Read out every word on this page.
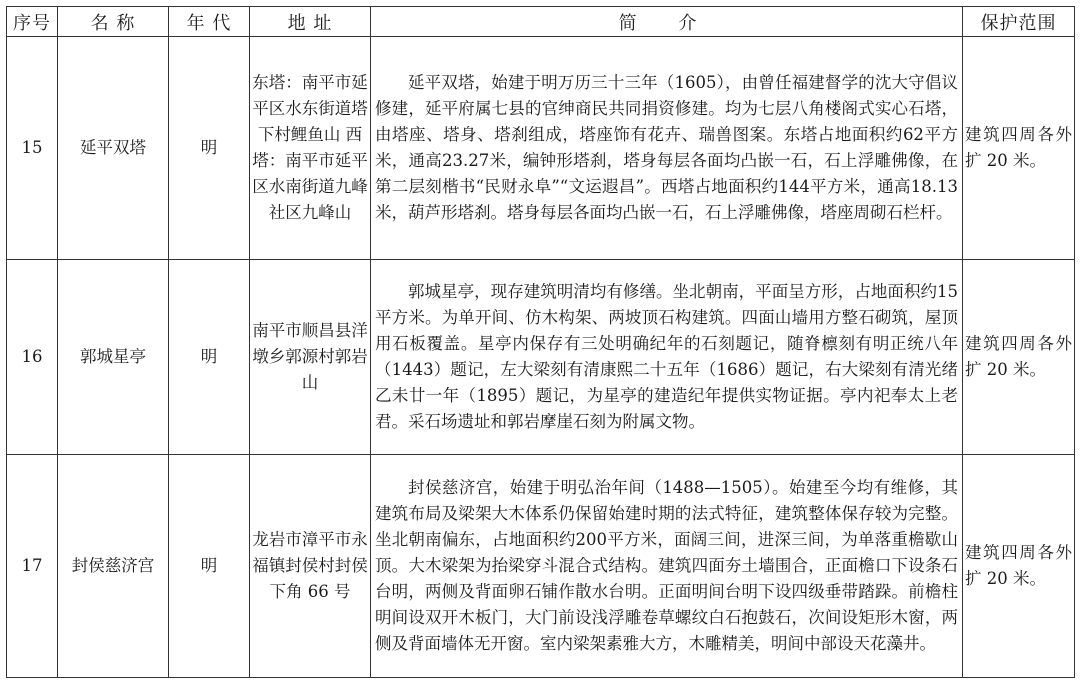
序号	名 称	年 代	地 址	简 介	保护范围
15	延平双塔	明	东塔：南平市延平区水东街道塔下村鲤鱼山 西塔：南平市延平区水南街道九峰社区九峰山	延平双塔，始建于明万历三十三年（1605），由曾任福建督学的沈大守倡议修建，延平府属七县的官绅商民共同捐资修建。均为七层八角楼阁式实心石塔，由塔座、塔身、塔刹组成，塔座饰有花卉、瑞兽图案。东塔占地面积约62平方米，通高23.27米，编钟形塔刹，塔身每层各面均凸嵌一石，石上浮雕佛像，在第二层刻楷书“民财永阜”“文运遐昌”。西塔占地面积约144平方米，通高18.13米，葫芦形塔刹。塔身每层各面均凸嵌一石，石上浮雕佛像，塔座周砌石栏杆。	建筑四周各外扩 20 米。
16	郭城星亭	明	南平市顺昌县洋墩乡郭源村郭岩山	郭城星亭，现存建筑明清均有修缮。坐北朝南，平面呈方形，占地面积约15平方米。为单开间、仿木构架、两坡顶石构建筑。四面山墙用方整石砌筑，屋顶用石板覆盖。星亭内保存有三处明确纪年的石刻题记，随脊檩刻有明正统八年（1443）题记，左大梁刻有清康熙二十五年（1686）题记，右大梁刻有清光绪乙未廿一年（1895）题记，为星亭的建造纪年提供实物证据。亭内祀奉太上老君。采石场遗址和郭岩摩崖石刻为附属文物。	建筑四周各外扩 20 米。
17	封侯慈济宫	明	龙岩市漳平市永福镇封侯村封侯下角 66 号	封侯慈济宫，始建于明弘治年间（1488—1505）。始建至今均有维修，其建筑布局及梁架大木体系仍保留始建时期的法式特征，建筑整体保存较为完整。坐北朝南偏东，占地面积约200平方米，面阔三间，进深三间，为单落重檐歇山顶。大木梁架为抬梁穿斗混合式结构。建筑四面夯土墙围合，正面檐口下设条石台明，两侧及背面卵石铺作散水台明。正面明间台明下设四级垂带踏跺。前檐柱明间设双开木板门，大门前设浅浮雕卷草螺纹白石抱鼓石，次间设矩形木窗，两侧及背面墙体无开窗。室内梁架素雅大方，木雕精美，明间中部设天花藻井。	建筑四周各外扩 20 米。
